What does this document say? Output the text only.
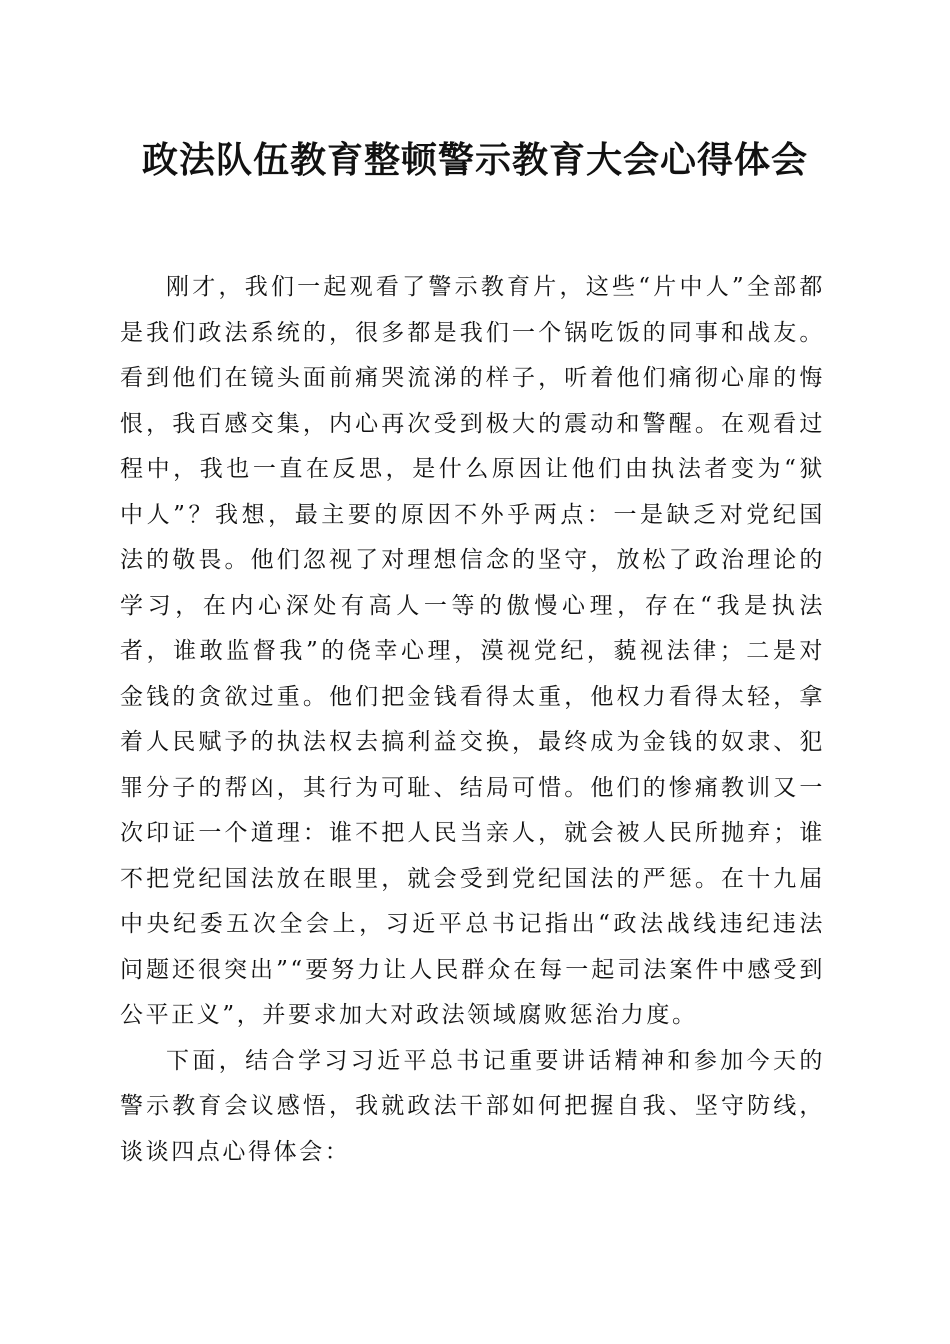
政法队伍教育整顿警示教育大会心得体会

刚才，我们一起观看了警示教育片，这些“片中人”全部都是我们政法系统的，很多都是我们一个锅吃饭的同事和战友。看到他们在镜头面前痛哭流涕的样子，听着他们痛彻心扉的悔恨，我百感交集，内心再次受到极大的震动和警醒。在观看过程中，我也一直在反思，是什么原因让他们由执法者变为“狱中人”？我想，最主要的原因不外乎两点：一是缺乏对党纪国法的敬畏。他们忽视了对理想信念的坚守，放松了政治理论的学习，在内心深处有高人一等的傲慢心理，存在“我是执法者，谁敢监督我”的侥幸心理，漠视党纪，藐视法律；二是对金钱的贪欲过重。他们把金钱看得太重，他权力看得太轻，拿着人民赋予的执法权去搞利益交换，最终成为金钱的奴隶、犯罪分子的帮凶，其行为可耻、结局可惜。他们的惨痛教训又一次印证一个道理：谁不把人民当亲人，就会被人民所抛弃；谁不把党纪国法放在眼里，就会受到党纪国法的严惩。在十九届中央纪委五次全会上，习近平总书记指出“政法战线违纪违法问题还很突出”“要努力让人民群众在每一起司法案件中感受到公平正义”，并要求加大对政法领域腐败惩治力度。

下面，结合学习习近平总书记重要讲话精神和参加今天的警示教育会议感悟，我就政法干部如何把握自我、坚守防线，谈谈四点心得体会：
